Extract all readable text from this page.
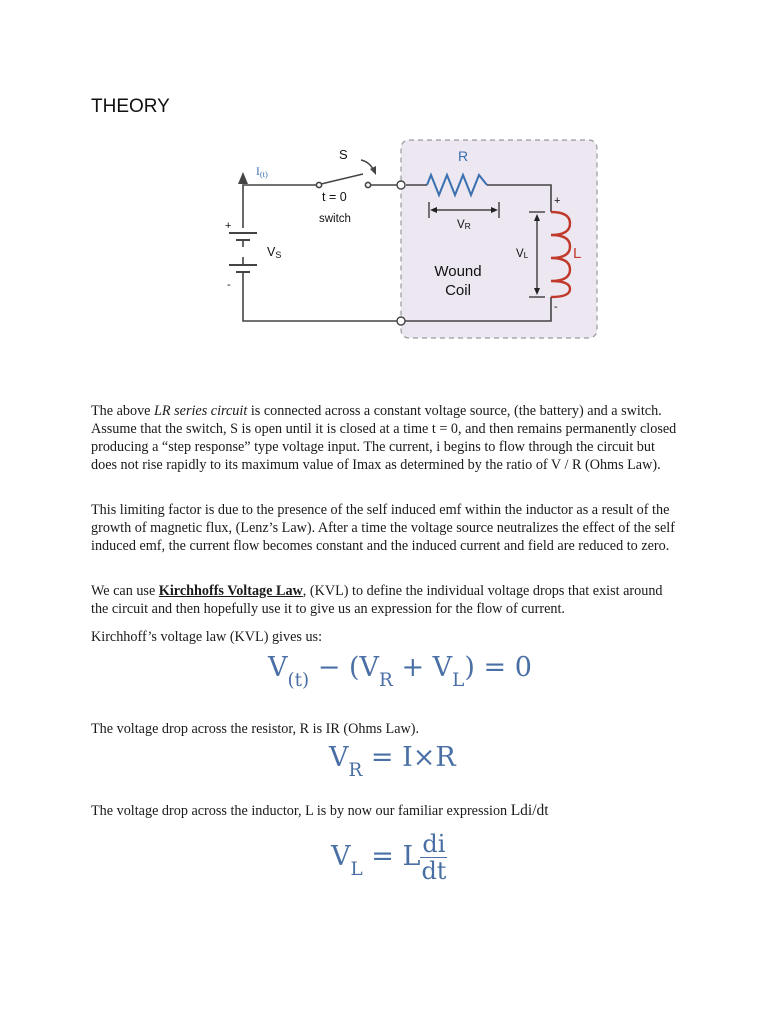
THEORY
I(t)
S
t = 0
switch
+
-
VS
R
VR
VL
+
-
L
Wound
Coil

The above LR series circuit is connected across a constant voltage source, (the battery) and a switch. Assume that the switch, S is open until it is closed at a time t = 0, and then remains permanently closed producing a “step response” type voltage input. The current, i begins to flow through the circuit but does not rise rapidly to its maximum value of Imax as determined by the ratio of V / R (Ohms Law).

This limiting factor is due to the presence of the self induced emf within the inductor as a result of the growth of magnetic flux, (Lenz’s Law). After a time the voltage source neutralizes the effect of the self induced emf, the current flow becomes constant and the induced current and field are reduced to zero.

We can use Kirchhoffs Voltage Law, (KVL) to define the individual voltage drops that exist around the circuit and then hopefully use it to give us an expression for the flow of current.

Kirchhoff’s voltage law (KVL) gives us:

$V_{(t)} - (V_R + V_L) = 0$

The voltage drop across the resistor, R is IR (Ohms Law).

$V_R = I\times R$

The voltage drop across the inductor, L is by now our familiar expression Ldi/dt

$V_L = L \frac{di}{dt}$
